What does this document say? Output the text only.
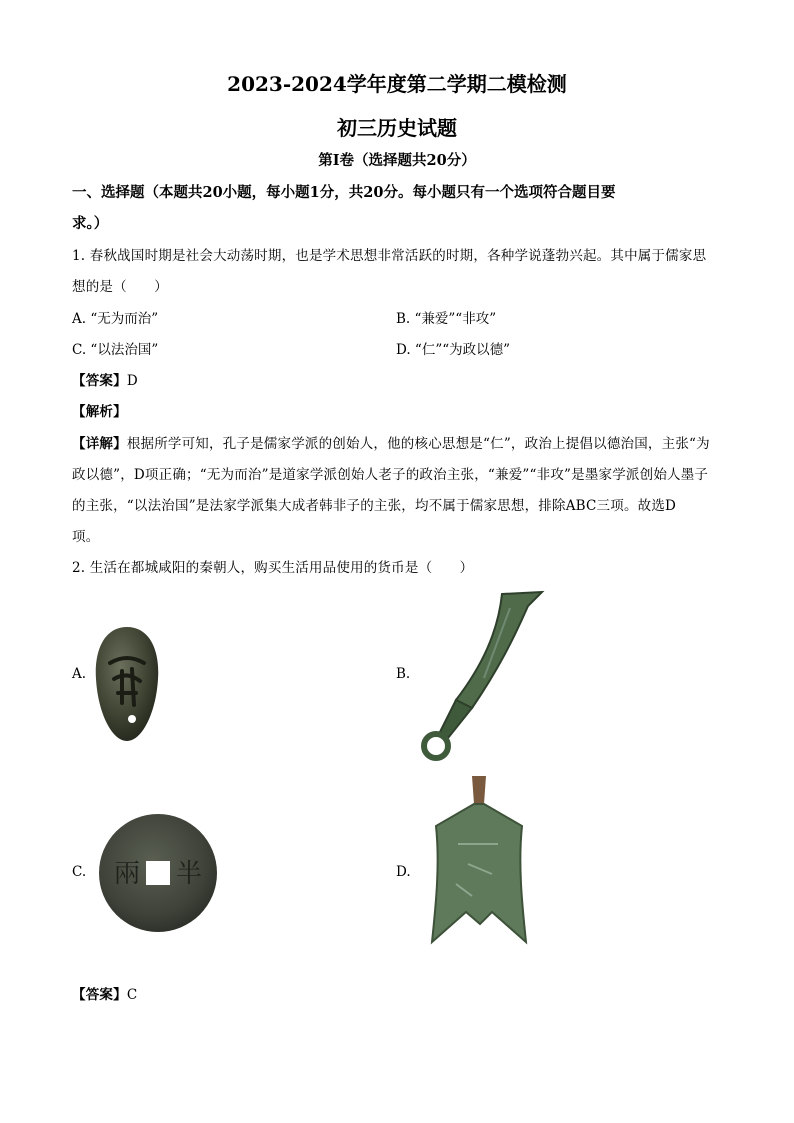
2023-2024学年度第二学期二模检测
初三历史试题
第Ⅰ卷（选择题共20分）
一、选择题（本题共20小题，每小题1分，共20分。每小题只有一个选项符合题目要
求。）
1. 春秋战国时期是社会大动荡时期，也是学术思想非常活跃的时期，各种学说蓬勃兴起。其中属于儒家思
想的是（　　）
A. “无为而治”	B. “兼爱”“非攻”
C. “以法治国”	D. “仁”“为政以德”
【答案】D
【解析】
【详解】根据所学可知，孔子是儒家学派的创始人，他的核心思想是“仁”，政治上提倡以德治国，主张“为
政以德”，D项正确；“无为而治”是道家学派创始人老子的政治主张，“兼爱”“非攻”是墨家学派创始人墨子
的主张，“以法治国”是法家学派集大成者韩非子的主张，均不属于儒家思想，排除ABC三项。故选D
项。
2. 生活在都城咸阳的秦朝人，购买生活用品使用的货币是（　　）
A.	B.
C. 兩 半	D.
【答案】C
